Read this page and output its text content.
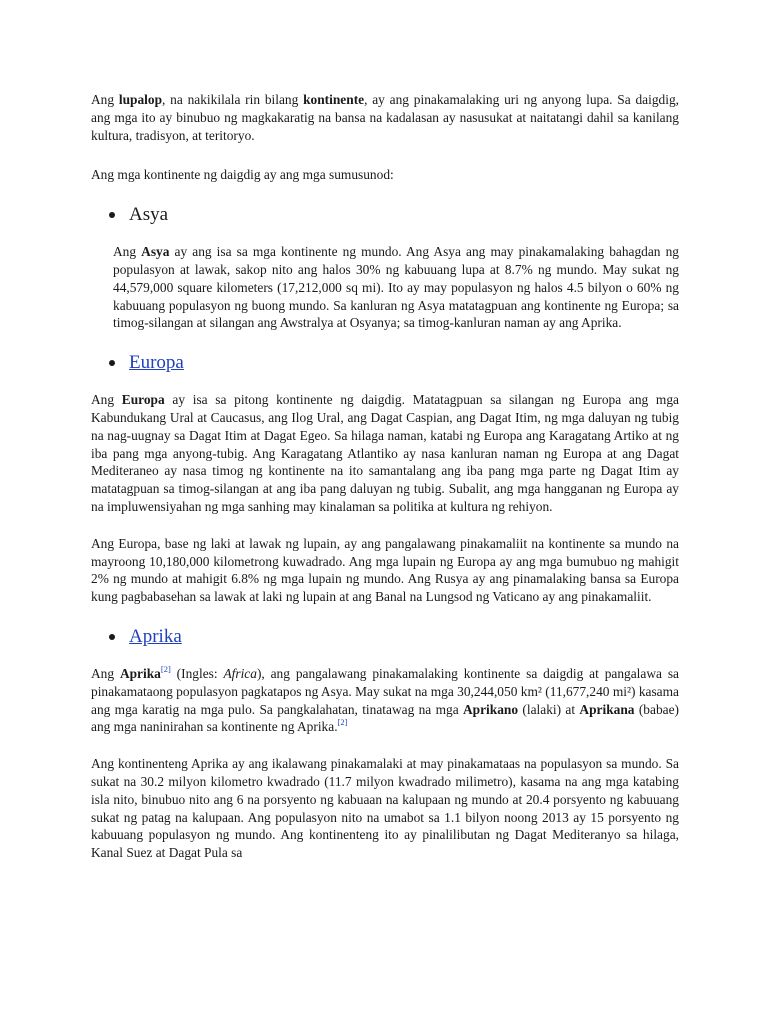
Ang lupalop, na nakikilala rin bilang kontinente, ay ang pinakamalaking uri ng anyong lupa. Sa daigdig, ang mga ito ay binubuo ng magkakaratig na bansa na kadalasan ay nasusukat at naitatangi dahil sa kanilang kultura, tradisyon, at teritoryo.

Ang mga kontinente ng daigdig ay ang mga sumusunod:

Asya

Ang Asya ay ang isa sa mga kontinente ng mundo. Ang Asya ang may pinakamalaking bahagdan ng populasyon at lawak, sakop nito ang halos 30% ng kabuuang lupa at 8.7% ng mundo. May sukat ng 44,579,000 square kilometers (17,212,000 sq mi). Ito ay may populasyon ng halos 4.5 bilyon o 60% ng kabuuang populasyon ng buong mundo. Sa kanluran ng Asya matatagpuan ang kontinente ng Europa; sa timog-silangan at silangan ang Awstralya at Osyanya; sa timog-kanluran naman ay ang Aprika.

Europa

Ang Europa ay isa sa pitong kontinente ng daigdig. Matatagpuan sa silangan ng Europa ang mga Kabundukang Ural at Caucasus, ang Ilog Ural, ang Dagat Caspian, ang Dagat Itim, ng mga daluyan ng tubig na nag-uugnay sa Dagat Itim at Dagat Egeo. Sa hilaga naman, katabi ng Europa ang Karagatang Artiko at ng iba pang mga anyong-tubig. Ang Karagatang Atlantiko ay nasa kanluran naman ng Europa at ang Dagat Mediteraneo ay nasa timog ng kontinente na ito samantalang ang iba pang mga parte ng Dagat Itim ay matatagpuan sa timog-silangan at ang iba pang daluyan ng tubig. Subalit, ang mga hangganan ng Europa ay na impluwensiyahan ng mga sanhing may kinalaman sa politika at kultura ng rehiyon.

Ang Europa, base ng laki at lawak ng lupain, ay ang pangalawang pinakamaliit na kontinente sa mundo na mayroong 10,180,000 kilometrong kuwadrado. Ang mga lupain ng Europa ay ang mga bumubuo ng mahigit 2% ng mundo at mahigit 6.8% ng mga lupain ng mundo. Ang Rusya ay ang pinamalaking bansa sa Europa kung pagbabasehan sa lawak at laki ng lupain at ang Banal na Lungsod ng Vaticano ay ang pinakamaliit.

Aprika

Ang Aprika[2] (Ingles: Africa), ang pangalawang pinakamalaking kontinente sa daigdig at pangalawa sa pinakamataong populasyon pagkatapos ng Asya. May sukat na mga 30,244,050 km² (11,677,240 mi²) kasama ang mga karatig na mga pulo. Sa pangkalahatan, tinatawag na mga Aprikano (lalaki) at Aprikana (babae) ang mga naninirahan sa kontinente ng Aprika.[2]

Ang kontinenteng Aprika ay ang ikalawang pinakamalaki at may pinakamataas na populasyon sa mundo. Sa sukat na 30.2 milyon kilometro kwadrado (11.7 milyon kwadrado milimetro), kasama na ang mga katabing isla nito, binubuo nito ang 6 na porsyento ng kabuaan na kalupaan ng mundo at 20.4 porsyento ng kabuuang sukat ng patag na kalupaan. Ang populasyon nito na umabot sa 1.1 bilyon noong 2013 ay 15 porsyento ng kabuuang populasyon ng mundo. Ang kontinenteng ito ay pinalilibutan ng Dagat Mediteranyo sa hilaga, Kanal Suez at Dagat Pula sa
